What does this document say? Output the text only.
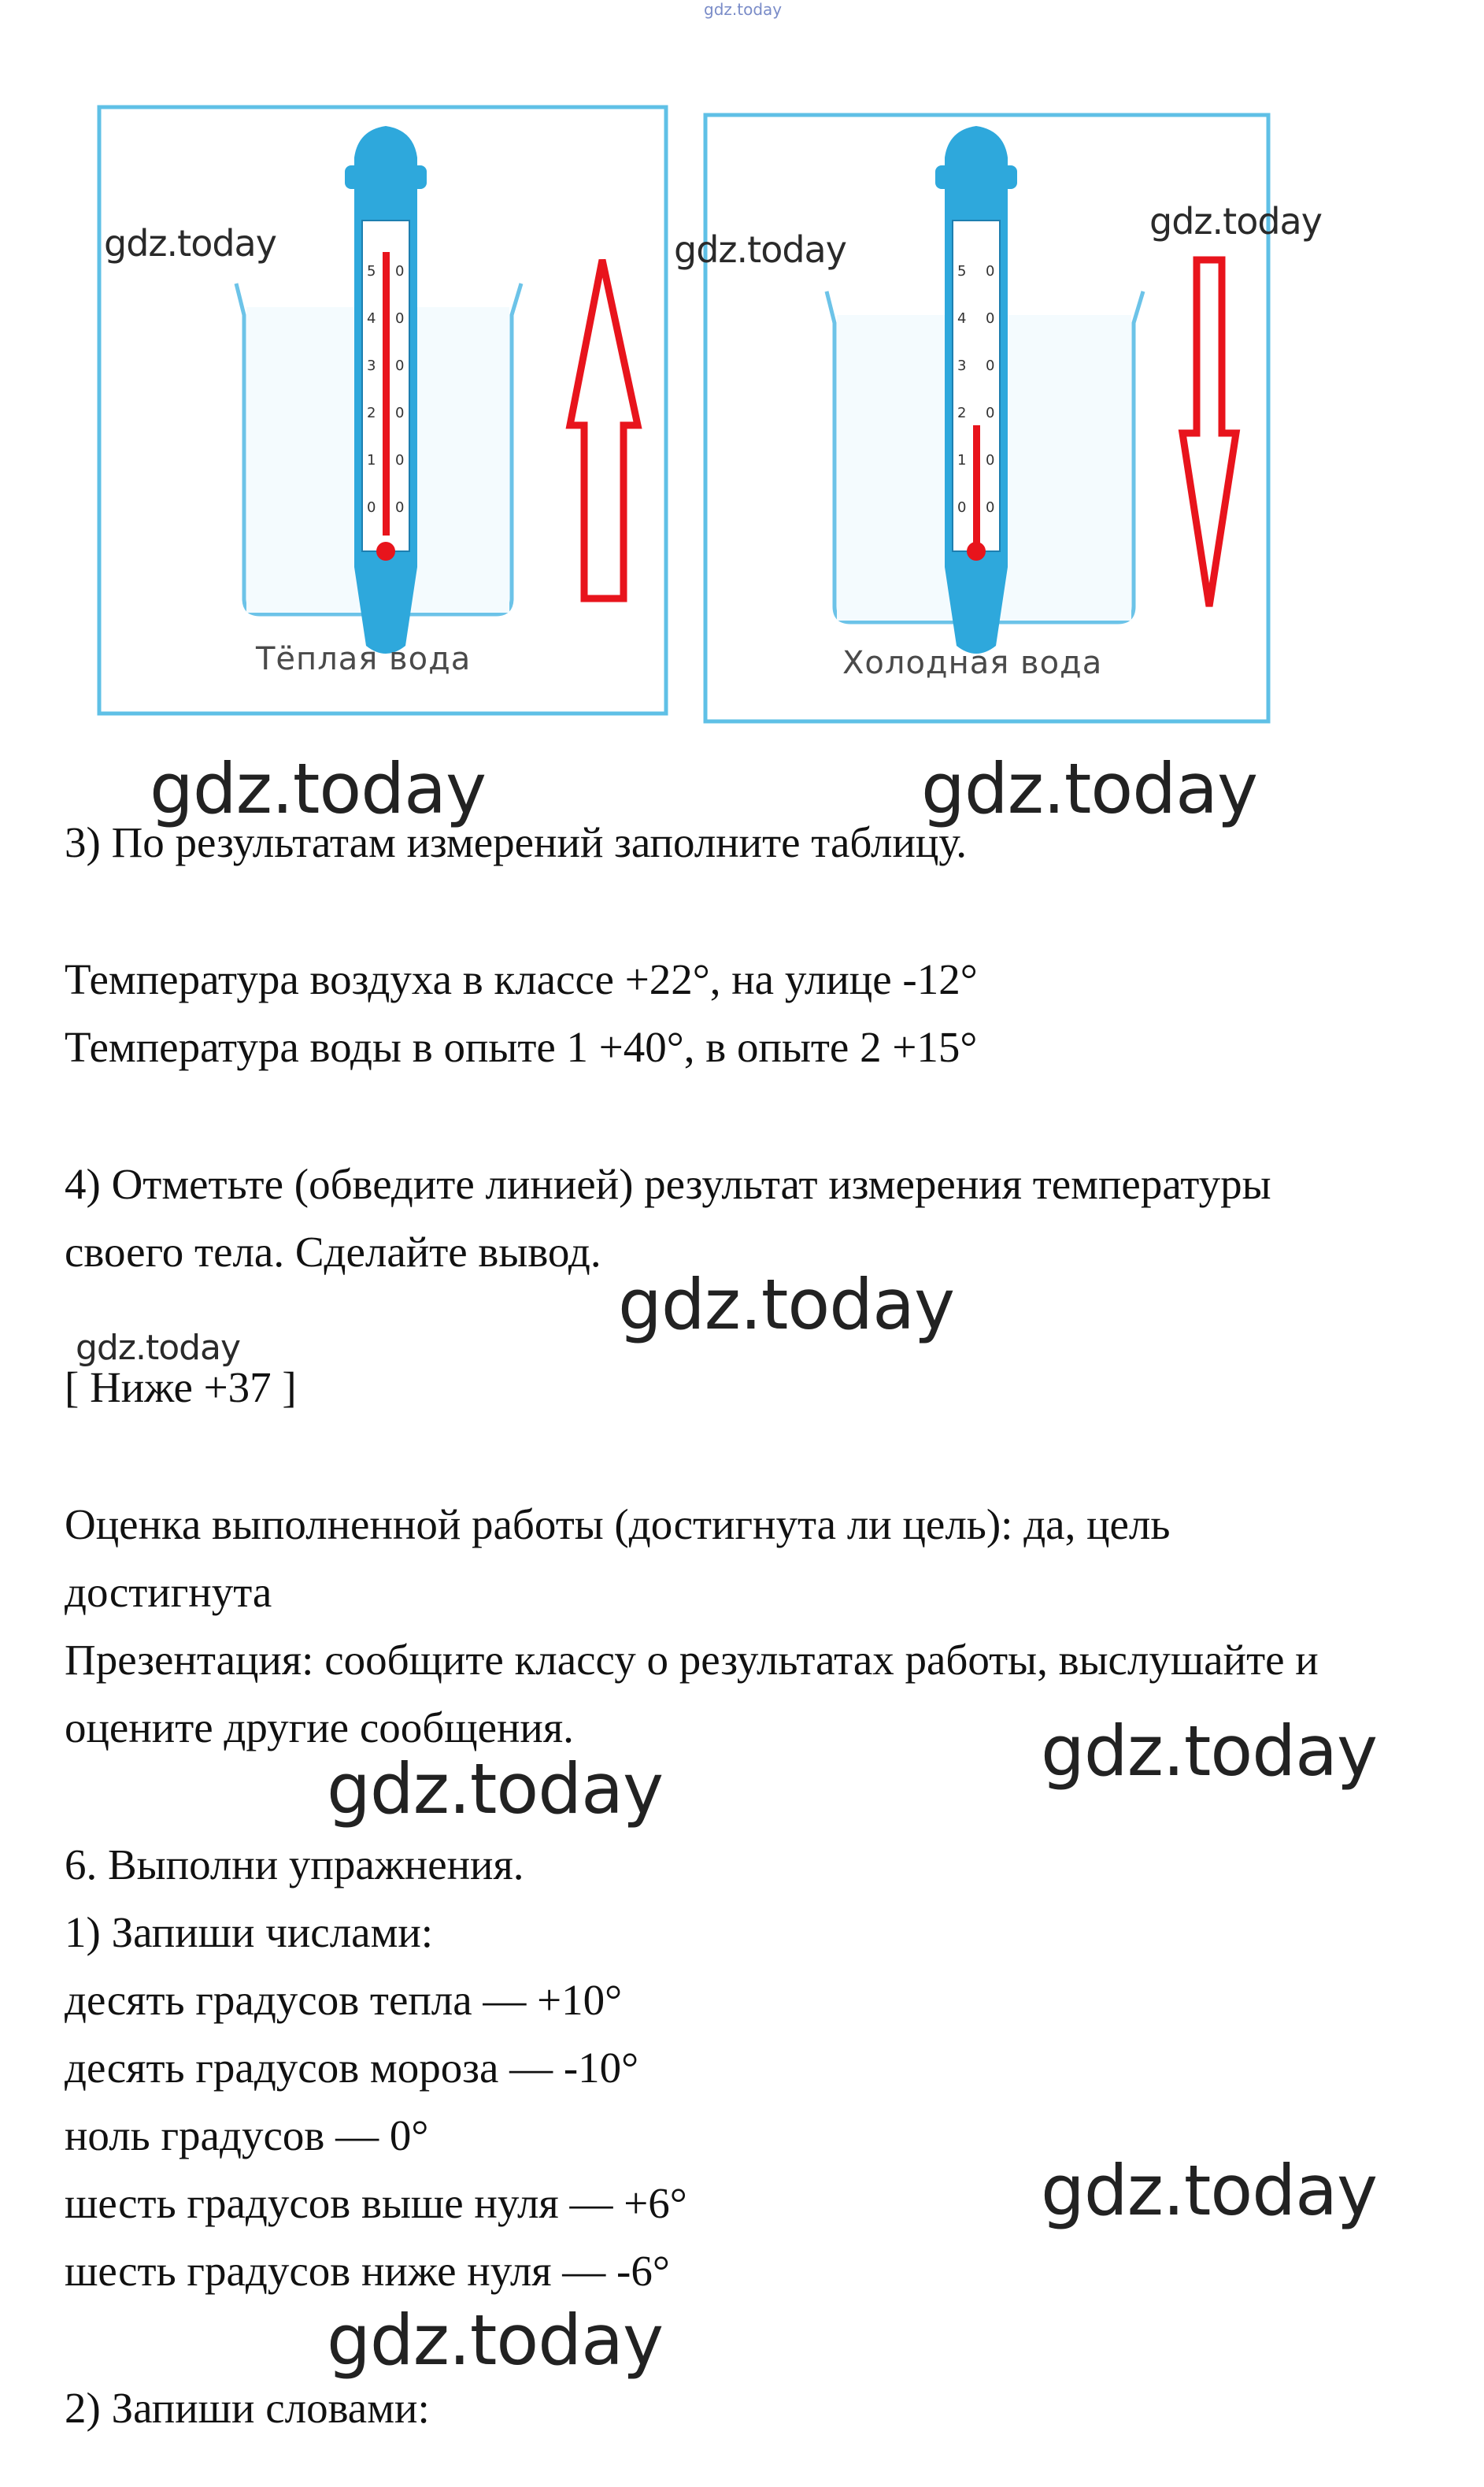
gdz.today
5
4
3
2
1
0
0
0
0
0
0
0
Тёплая вода
5
4
3
2
1
0
0
0
0
0
0
0
Холодная вода
gdz.today	gdz.today
gdz.today
gdz.today	gdz.today
gdz.today
gdz.today
gdz.today
gdz.today
gdz.today
gdz.today
3) По результатам измерений заполните таблицу.
Температура воздуха в классе +22°, на улице -12°
Температура воды в опыте 1 +40°, в опыте 2 +15°
4) Отметьте (обведите линией) результат измерения температуры
своего тела. Сделайте вывод.
[ Ниже +37 ]
Оценка выполненной работы (достигнута ли цель): да, цель
достигнута
Презентация: сообщите классу о результатах работы, выслушайте и
оцените другие сообщения.
6. Выполни упражнения.
1) Запиши числами:
десять градусов тепла — +10°
десять градусов мороза — -10°
ноль градусов — 0°
шесть градусов выше нуля — +6°
шесть градусов ниже нуля — -6°
2) Запиши словами:
